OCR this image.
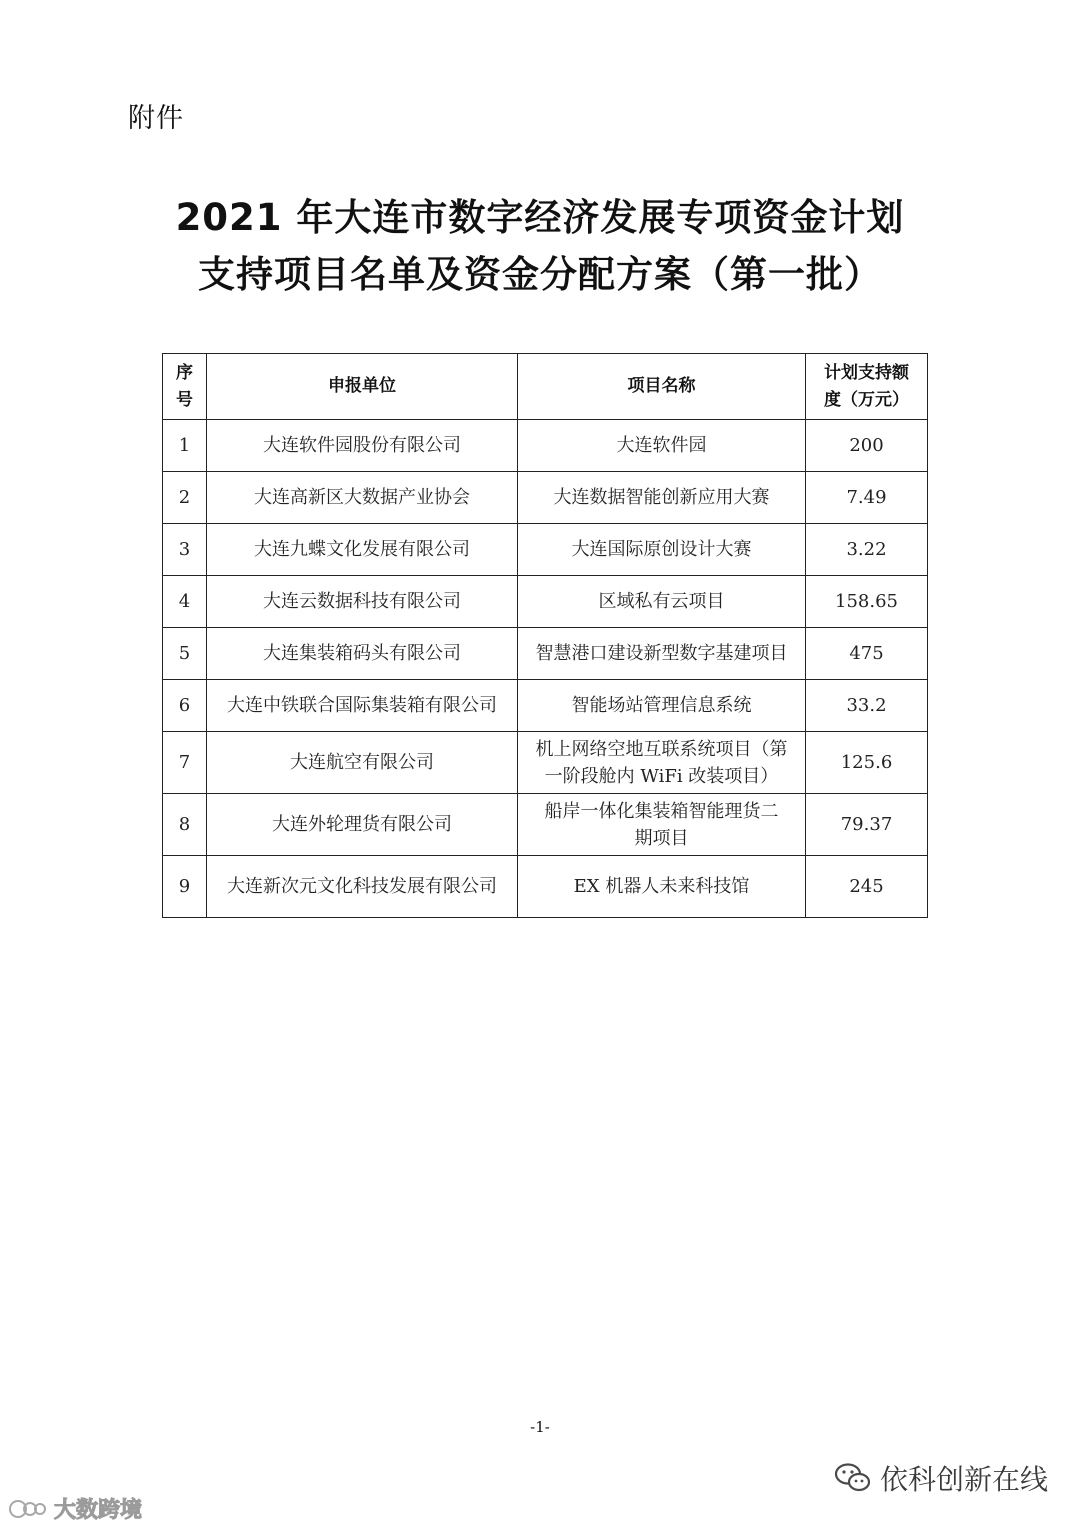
附件
2021 年大连市数字经济发展专项资金计划
支持项目名单及资金分配方案（第一批）
序
号	申报单位	项目名称	计划支持额
度（万元）
1	大连软件园股份有限公司	大连软件园	200
2	大连高新区大数据产业协会	大连数据智能创新应用大赛	7.49
3	大连九蝶文化发展有限公司	大连国际原创设计大赛	3.22
4	大连云数据科技有限公司	区域私有云项目	158.65
5	大连集装箱码头有限公司	智慧港口建设新型数字基建项目	475
6	大连中铁联合国际集装箱有限公司	智能场站管理信息系统	33.2
7	大连航空有限公司	机上网络空地互联系统项目（第
一阶段舱内 WiFi 改装项目）	125.6
8	大连外轮理货有限公司	船岸一体化集装箱智能理货二
期项目	79.37
9	大连新次元文化科技发展有限公司	EX 机器人未来科技馆	245
-1-
大数跨境
依科创新在线
